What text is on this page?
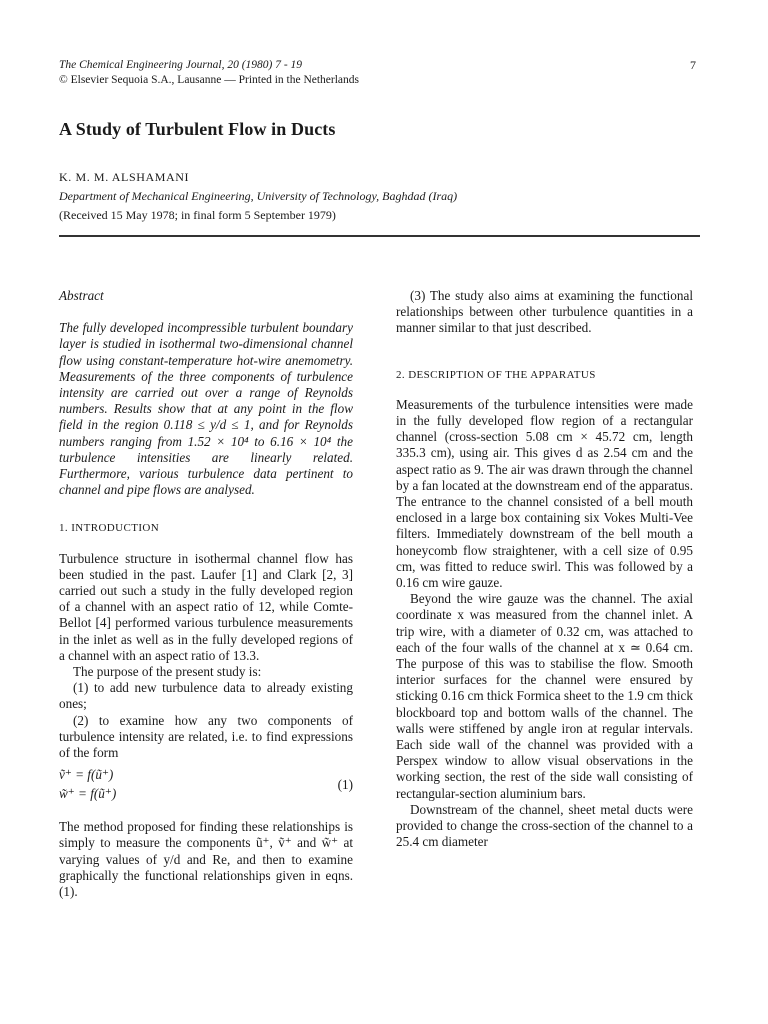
The Chemical Engineering Journal, 20 (1980) 7 - 19
© Elsevier Sequoia S.A., Lausanne — Printed in the Netherlands
7
A Study of Turbulent Flow in Ducts
K. M. M. ALSHAMANI
Department of Mechanical Engineering, University of Technology, Baghdad (Iraq)
(Received 15 May 1978; in final form 5 September 1979)

Abstract

The fully developed incompressible turbulent boundary layer is studied in isothermal two-dimensional channel flow using constant-temperature hot-wire anemometry. Measurements of the three components of turbulence intensity are carried out over a range of Reynolds numbers. Results show that at any point in the flow field in the region 0.118 ≤ y/d ≤ 1, and for Reynolds numbers ranging from 1.52 × 10⁴ to 6.16 × 10⁴ the turbulence intensities are linearly related. Furthermore, various turbulence data pertinent to channel and pipe flows are analysed.

1. INTRODUCTION

Turbulence structure in isothermal channel flow has been studied in the past. Laufer [1] and Clark [2, 3] carried out such a study in the fully developed region of a channel with an aspect ratio of 12, while Comte-Bellot [4] performed various turbulence measurements in the inlet as well as in the fully developed regions of a channel with an aspect ratio of 13.3.

The purpose of the present study is:

(1) to add new turbulence data to already existing ones;

(2) to examine how any two components of turbulence intensity are related, i.e. to find expressions of the form

ṽ⁺ = f(ũ⁺)
w̃⁺ = f(ũ⁺)
(1)

The method proposed for finding these relationships is simply to measure the components ũ⁺, ṽ⁺ and w̃⁺ at varying values of y/d and Re, and then to examine graphically the functional relationships given in eqns. (1).

(3) The study also aims at examining the functional relationships between other turbulence quantities in a manner similar to that just described.

2. DESCRIPTION OF THE APPARATUS

Measurements of the turbulence intensities were made in the fully developed flow region of a rectangular channel (cross-section 5.08 cm × 45.72 cm, length 335.3 cm), using air. This gives d as 2.54 cm and the aspect ratio as 9. The air was drawn through the channel by a fan located at the downstream end of the apparatus. The entrance to the channel consisted of a bell mouth enclosed in a large box containing six Vokes Multi-Vee filters. Immediately downstream of the bell mouth a honeycomb flow straightener, with a cell size of 0.95 cm, was fitted to reduce swirl. This was followed by a 0.16 cm wire gauze.

Beyond the wire gauze was the channel. The axial coordinate x was measured from the channel inlet. A trip wire, with a diameter of 0.32 cm, was attached to each of the four walls of the channel at x ≃ 0.64 cm. The purpose of this was to stabilise the flow. Smooth interior surfaces for the channel were ensured by sticking 0.16 cm thick Formica sheet to the 1.9 cm thick blockboard top and bottom walls of the channel. The walls were stiffened by angle iron at regular intervals. Each side wall of the channel was provided with a Perspex window to allow visual observations in the working section, the rest of the side wall consisting of rectangular-section aluminium bars.

Downstream of the channel, sheet metal ducts were provided to change the cross-section of the channel to a 25.4 cm diameter
